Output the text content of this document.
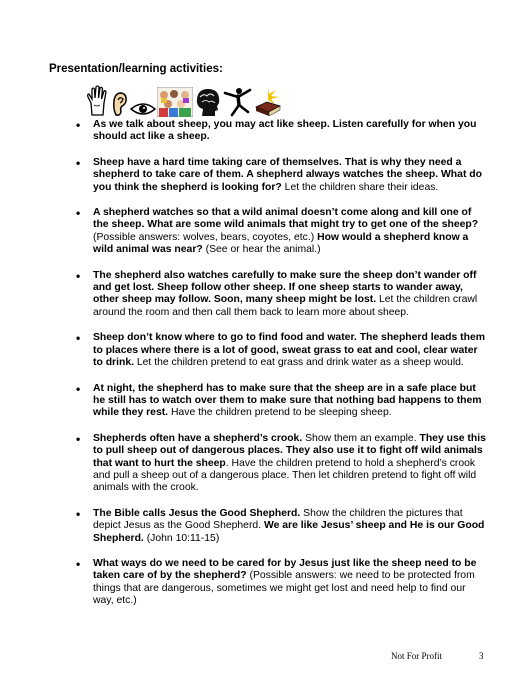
Presentation/learning activities:
• As we talk about sheep, you may act like sheep. Listen carefully for when you should act like a sheep.
• Sheep have a hard time taking care of themselves. That is why they need a shepherd to take care of them. A shepherd always watches the sheep. What do you think the shepherd is looking for? Let the children share their ideas.
• A shepherd watches so that a wild animal doesn’t come along and kill one of the sheep. What are some wild animals that might try to get one of the sheep? (Possible answers: wolves, bears, coyotes, etc.) How would a shepherd know a wild animal was near? (See or hear the animal.)
• The shepherd also watches carefully to make sure the sheep don’t wander off and get lost. Sheep follow other sheep. If one sheep starts to wander away, other sheep may follow. Soon, many sheep might be lost. Let the children crawl around the room and then call them back to learn more about sheep.
• Sheep don’t know where to go to find food and water. The shepherd leads them to places where there is a lot of good, sweat grass to eat and cool, clear water to drink. Let the children pretend to eat grass and drink water as a sheep would.
• At night, the shepherd has to make sure that the sheep are in a safe place but he still has to watch over them to make sure that nothing bad happens to them while they rest. Have the children pretend to be sleeping sheep.
• Shepherds often have a shepherd’s crook. Show them an example. They use this to pull sheep out of dangerous places. They also use it to fight off wild animals that want to hurt the sheep. Have the children pretend to hold a shepherd’s crook and pull a sheep out of a dangerous place. Then let children pretend to fight off wild animals with the crook.
• The Bible calls Jesus the Good Shepherd. Show the children the pictures that depict Jesus as the Good Shepherd. We are like Jesus’ sheep and He is our Good Shepherd. (John 10:11-15)
• What ways do we need to be cared for by Jesus just like the sheep need to be taken care of by the shepherd? (Possible answers: we need to be protected from things that are dangerous, sometimes we might get lost and need help to find our way, etc.)
Not For Profit	3
